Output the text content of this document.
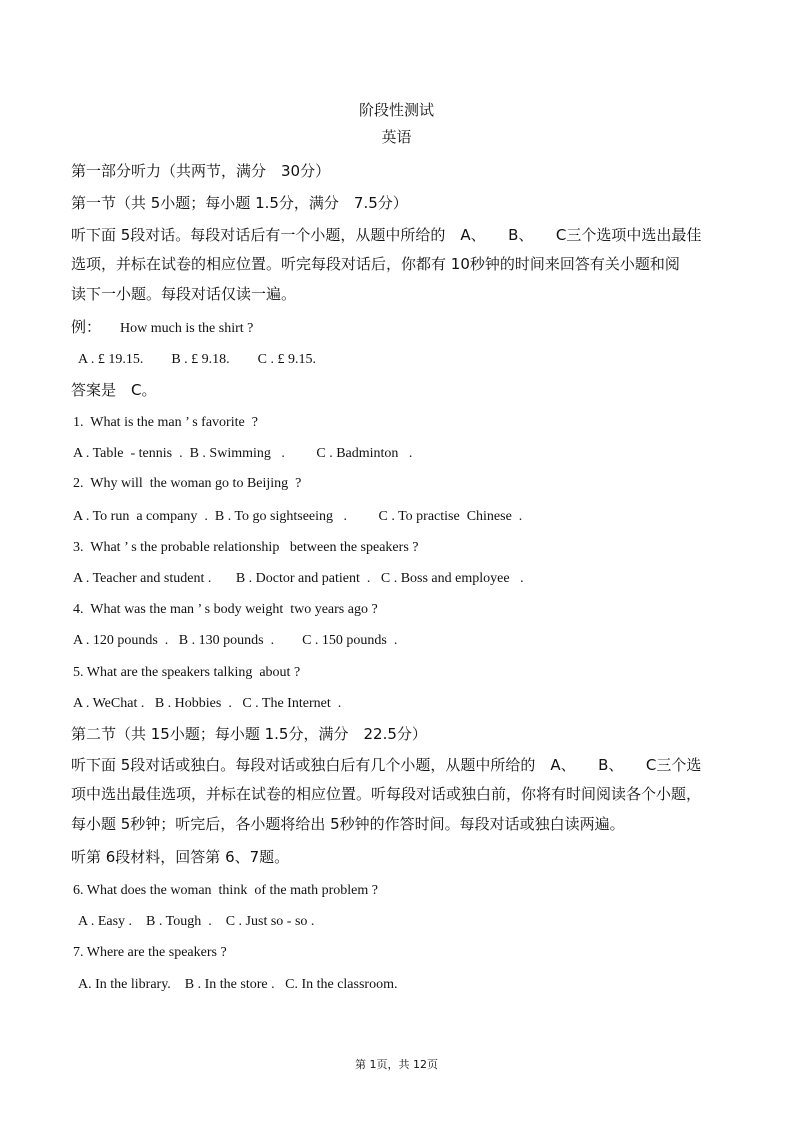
阶段性测试
英语
第一部分听力（共两节，满分　30分）
第一节（共 5小题；每小题 1.5分，满分　7.5分）
听下面 5段对话。每段对话后有一个小题，从题中所给的　A、　　B、　　C三个选项中选出最佳
选项，并标在试卷的相应位置。听完每段对话后，你都有 10秒钟的时间来回答有关小题和阅
读下一小题。每段对话仅读一遍。
例： How much is the shirt ?
A . £ 19.15.　　B . £ 9.18.　　C . £ 9.15.
答案是　C。
1.  What is the man ’ s favorite  ?
A . Table  - tennis  .  B . Swimming   .         C . Badminton   .
2.  Why will  the woman go to Beijing  ?
A . To run  a company  .  B . To go sightseeing   .         C . To practise  Chinese  .
3.  What ’ s the probable relationship   between the speakers ?
A . Teacher and student .       B . Doctor and patient  .   C . Boss and employee   .
4.  What was the man ’ s body weight  two years ago ?
A . 120 pounds  .   B . 130 pounds  .        C . 150 pounds  .
5. What are the speakers talking  about ?
A . WeChat .   B . Hobbies  .   C . The Internet  .
第二节（共 15小题；每小题 1.5分，满分　22.5分）
听下面 5段对话或独白。每段对话或独白后有几个小题，从题中所给的　A、　　B、　　C三个选
项中选出最佳选项，并标在试卷的相应位置。听每段对话或独白前，你将有时间阅读各个小题，
每小题 5秒钟；听完后，各小题将给出 5秒钟的作答时间。每段对话或独白读两遍。
听第 6段材料，回答第 6、7题。
6. What does the woman  think  of the math problem ?
A . Easy .    B . Tough  .    C . Just so - so .
7. Where are the speakers ?
A. In the library.    B . In the store .   C. In the classroom.
第 1页，共 12页
